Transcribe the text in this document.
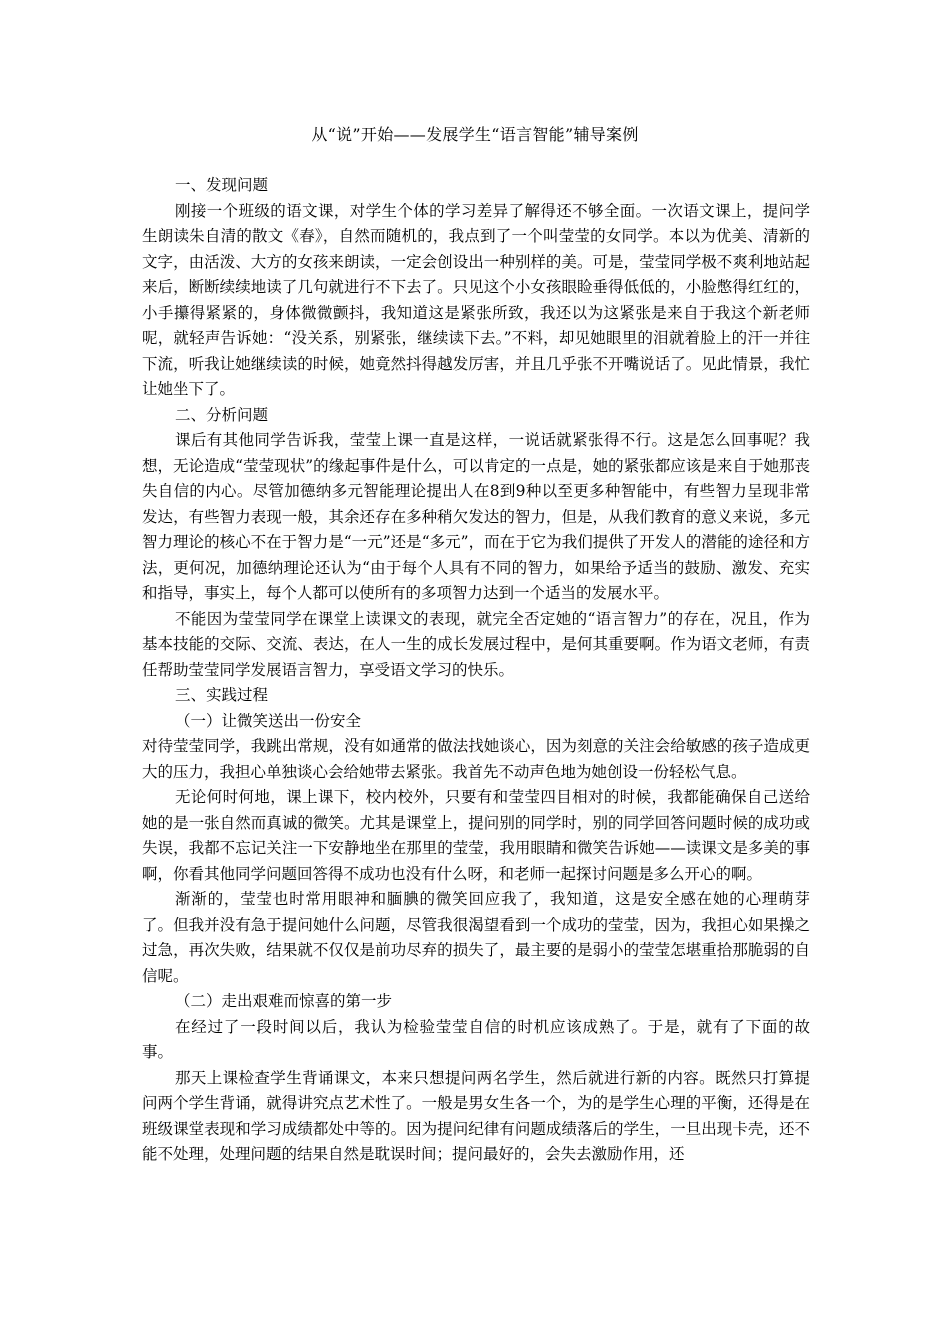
从“说”开始——发展学生“语言智能”辅导案例

一、发现问题

刚接一个班级的语文课，对学生个体的学习差异了解得还不够全面。一次语文课上，提问学生朗读朱自清的散文《春》，自然而随机的，我点到了一个叫莹莹的女同学。本以为优美、清新的文字，由活泼、大方的女孩来朗读，一定会创设出一种别样的美。可是，莹莹同学极不爽利地站起来后，断断续续地读了几句就进行不下去了。只见这个小女孩眼睑垂得低低的，小脸憋得红红的，小手攥得紧紧的，身体微微颤抖，我知道这是紧张所致，我还以为这紧张是来自于我这个新老师呢，就轻声告诉她：“没关系，别紧张，继续读下去。”不料，却见她眼里的泪就着脸上的汗一并往下流，听我让她继续读的时候，她竟然抖得越发厉害，并且几乎张不开嘴说话了。见此情景，我忙让她坐下了。

二、分析问题

课后有其他同学告诉我，莹莹上课一直是这样，一说话就紧张得不行。这是怎么回事呢？我想，无论造成“莹莹现状”的缘起事件是什么，可以肯定的一点是，她的紧张都应该是来自于她那丧失自信的内心。尽管加德纳多元智能理论提出人在8到9种以至更多种智能中，有些智力呈现非常发达，有些智力表现一般，其余还存在多种稍欠发达的智力，但是，从我们教育的意义来说，多元智力理论的核心不在于智力是“一元”还是“多元”，而在于它为我们提供了开发人的潜能的途径和方法，更何况，加德纳理论还认为“由于每个人具有不同的智力，如果给予适当的鼓励、激发、充实和指导，事实上，每个人都可以使所有的多项智力达到一个适当的发展水平。

不能因为莹莹同学在课堂上读课文的表现，就完全否定她的“语言智力”的存在，况且，作为基本技能的交际、交流、表达，在人一生的成长发展过程中，是何其重要啊。作为语文老师，有责任帮助莹莹同学发展语言智力，享受语文学习的快乐。

三、实践过程

（一）让微笑送出一份安全

对待莹莹同学，我跳出常规，没有如通常的做法找她谈心，因为刻意的关注会给敏感的孩子造成更大的压力，我担心单独谈心会给她带去紧张。我首先不动声色地为她创设一份轻松气息。

无论何时何地，课上课下，校内校外，只要有和莹莹四目相对的时候，我都能确保自己送给她的是一张自然而真诚的微笑。尤其是课堂上，提问别的同学时，别的同学回答问题时候的成功或失误，我都不忘记关注一下安静地坐在那里的莹莹，我用眼睛和微笑告诉她——读课文是多美的事啊，你看其他同学问题回答得不成功也没有什么呀，和老师一起探讨问题是多么开心的啊。

渐渐的，莹莹也时常用眼神和腼腆的微笑回应我了，我知道，这是安全感在她的心理萌芽了。但我并没有急于提问她什么问题，尽管我很渴望看到一个成功的莹莹，因为，我担心如果操之过急，再次失败，结果就不仅仅是前功尽弃的损失了，最主要的是弱小的莹莹怎堪重拾那脆弱的自信呢。

（二）走出艰难而惊喜的第一步

在经过了一段时间以后，我认为检验莹莹自信的时机应该成熟了。于是，就有了下面的故事。

那天上课检查学生背诵课文，本来只想提问两名学生，然后就进行新的内容。既然只打算提问两个学生背诵，就得讲究点艺术性了。一般是男女生各一个，为的是学生心理的平衡，还得是在班级课堂表现和学习成绩都处中等的。因为提问纪律有问题成绩落后的学生，一旦出现卡壳，还不能不处理，处理问题的结果自然是耽误时间；提问最好的，会失去激励作用，还
